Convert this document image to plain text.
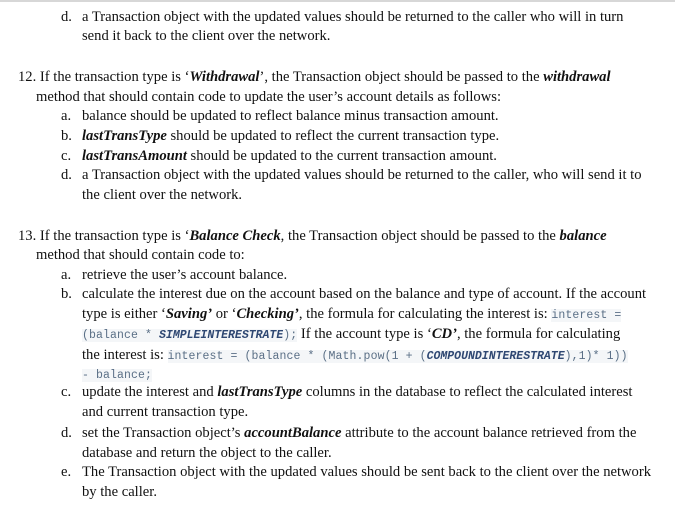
d. a Transaction object with the updated values should be returned to the caller who will in turn
send it back to the client over the network.
12. If the transaction type is ‘Withdrawal’, the Transaction object should be passed to the withdrawal
method that should contain code to update the user’s account details as follows:
a. balance should be updated to reflect balance minus transaction amount.
b. lastTransType should be updated to reflect the current transaction type.
c. lastTransAmount should be updated to the current transaction amount.
d. a Transaction object with the updated values should be returned to the caller, who will send it to
the client over the network.
13. If the transaction type is ‘Balance Check, the Transaction object should be passed to the balance
method that should contain code to:
a. retrieve the user’s account balance.
b. calculate the interest due on the account based on the balance and type of account. If the account
type is either ‘Saving’ or ‘Checking’, the formula for calculating the interest is: interest =
(balance * SIMPLEINTERESTRATE); If the account type is ‘CD’, the formula for calculating
the interest is: interest = (balance * (Math.pow(1 + (COMPOUNDINTERESTRATE),1)* 1))
- balance;
c. update the interest and lastTransType columns in the database to reflect the calculated interest
and current transaction type.
d. set the Transaction object’s accountBalance attribute to the account balance retrieved from the
database and return the object to the caller.
e. The Transaction object with the updated values should be sent back to the client over the network
by the caller.
